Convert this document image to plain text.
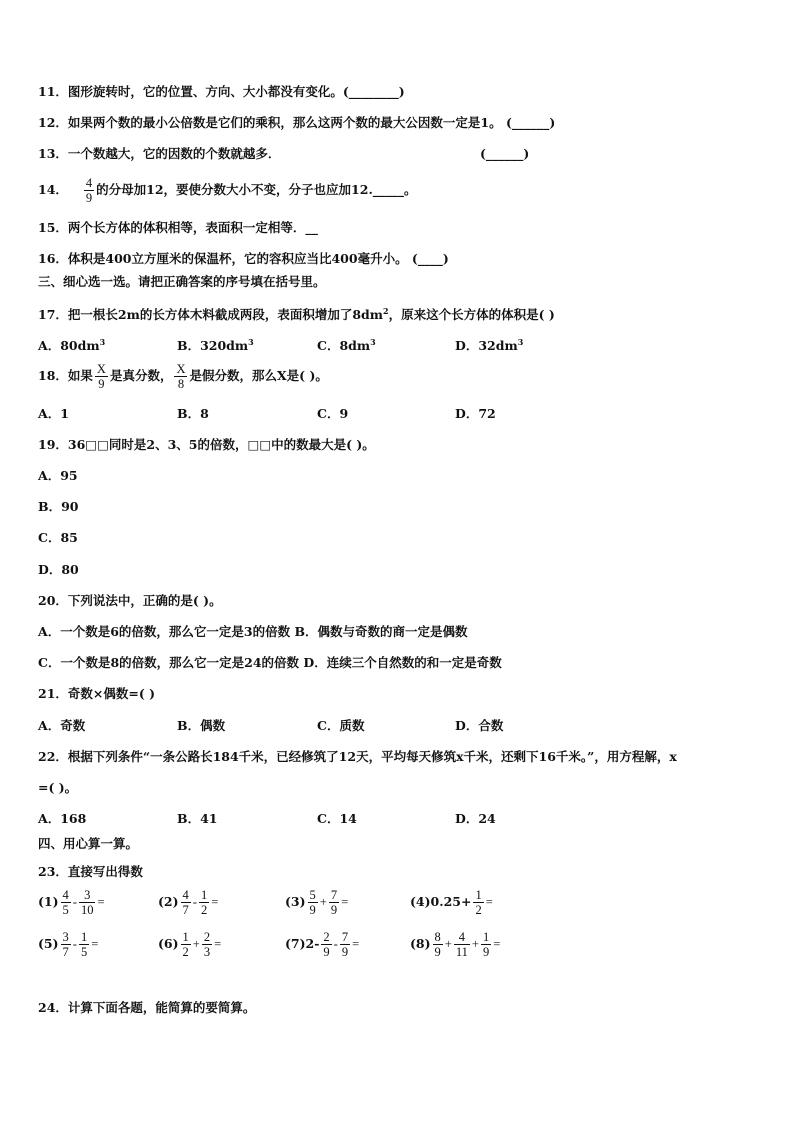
11．图形旋转时，它的位置、方向、大小都没有变化。(________)
12．如果两个数的最小公倍数是它们的乘积，那么这两个数的最大公因数一定是1。 (______)
13．一个数越大，它的因数的个数就越多．	(______)
14． $\frac{4}{9}$ 的分母加12，要使分数大小不变，分子也应加12._____。
15．两个长方体的体积相等，表面积一定相等．__
16．体积是400立方厘米的保温杯，它的容积应当比400毫升小。 (____)
三、细心选一选。请把正确答案的序号填在括号里。
17．把一根长2m的长方体木料截成两段，表面积增加了$8dm^2$，原来这个长方体的体积是( )
A．$80dm^3$	B．$320dm^3$	C．$8dm^3$	D．$32dm^3$
18．如果 $\frac{X}{9}$ 是真分数， $\frac{X}{8}$ 是假分数，那么X是( )。
A．1	B．8	C．9	D．72
19．36□□同时是2、3、5的倍数，□□中的数最大是( )。
A．95
B．90
C．85
D．80
20．下列说法中，正确的是( )。
A．一个数是6的倍数，那么它一定是3的倍数 B．偶数与奇数的商一定是偶数
C．一个数是8的倍数，那么它一定是24的倍数 D．连续三个自然数的和一定是奇数
21．奇数×偶数=( )
A．奇数	B．偶数	C．质数	D．合数
22．根据下列条件“一条公路长184千米，已经修筑了12天，平均每天修筑x千米，还剩下16千米。”，用方程解，x
=( )。
A．168	B．41	C．14	D．24
四、用心算一算。
23．直接写出得数
$(1) \frac{4}{5} - \frac{3}{10}$ =	$(2) \frac{4}{7} - \frac{1}{2}$ =	$(3) \frac{5}{9} + \frac{7}{9}$ =	$(4)0.25+ \frac{1}{2}$ =
$(5) \frac{3}{7} - \frac{1}{5}$ =	$(6) \frac{1}{2} + \frac{2}{3}$ =	$(7)2- \frac{2}{9} - \frac{7}{9}$ =	$(8) \frac{8}{9} + \frac{4}{11} + \frac{1}{9}$ =
24．计算下面各题，能简算的要简算。
